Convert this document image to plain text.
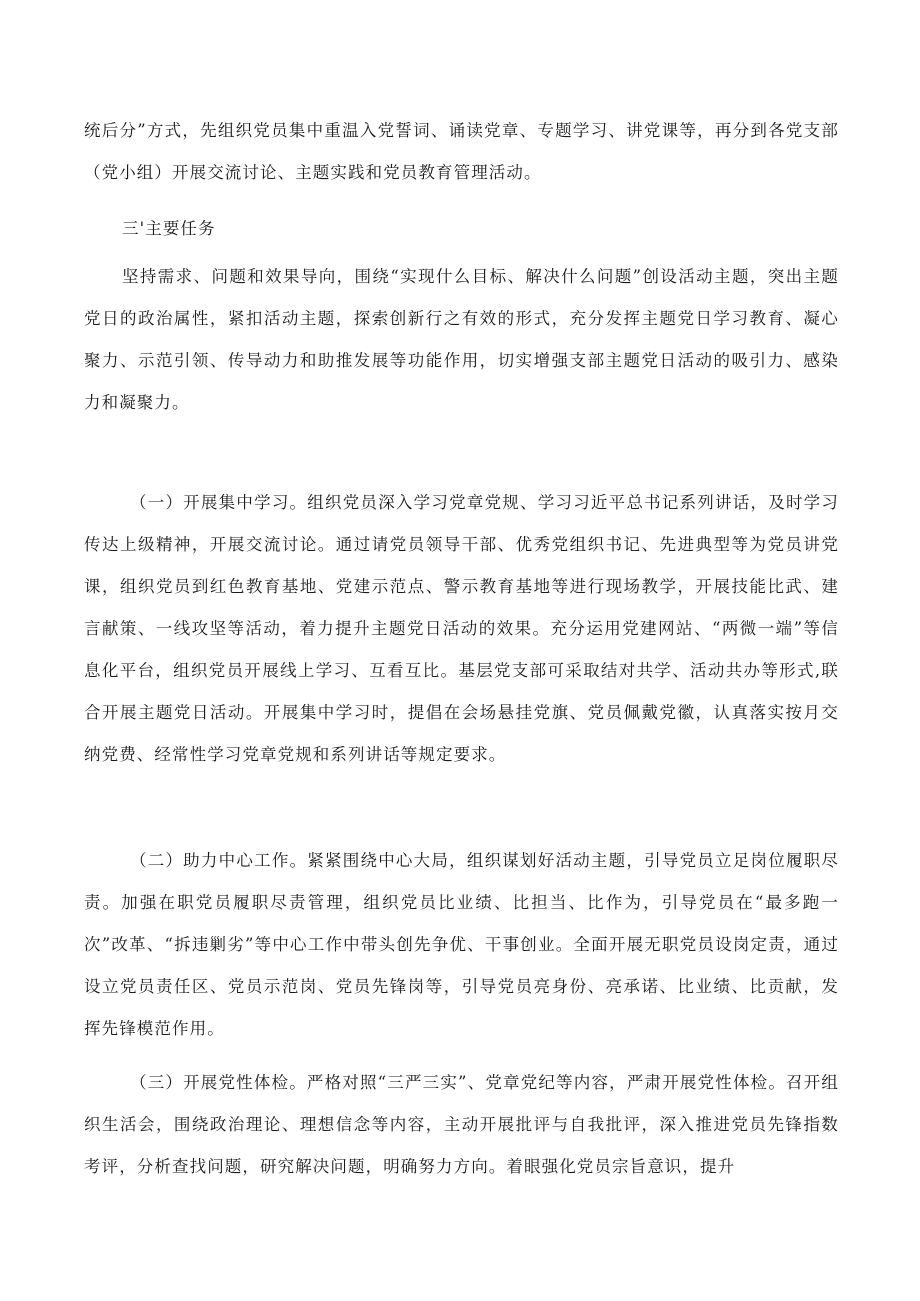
统后分”方式，先组织党员集中重温入党誓词、诵读党章、专题学习、讲党课等，再分到各党支部（党小组）开展交流讨论、主题实践和党员教育管理活动。

三'主要任务

坚持需求、问题和效果导向，围绕“实现什么目标、解决什么问题”创设活动主题，突出主题党日的政治属性，紧扣活动主题，探索创新行之有效的形式，充分发挥主题党日学习教育、凝心聚力、示范引领、传导动力和助推发展等功能作用，切实增强支部主题党日活动的吸引力、感染力和凝聚力。

（一）开展集中学习。组织党员深入学习党章党规、学习习近平总书记系列讲话，及时学习传达上级精神，开展交流讨论。通过请党员领导干部、优秀党组织书记、先进典型等为党员讲党课，组织党员到红色教育基地、党建示范点、警示教育基地等进行现场教学，开展技能比武、建言献策、一线攻坚等活动，着力提升主题党日活动的效果。充分运用党建网站、“两微一端”等信息化平台，组织党员开展线上学习、互看互比。基层党支部可采取结对共学、活动共办等形式,联合开展主题党日活动。开展集中学习时，提倡在会场悬挂党旗、党员佩戴党徽，认真落实按月交纳党费、经常性学习党章党规和系列讲话等规定要求。

（二）助力中心工作。紧紧围绕中心大局，组织谋划好活动主题，引导党员立足岗位履职尽责。加强在职党员履职尽责管理，组织党员比业绩、比担当、比作为，引导党员在“最多跑一次”改革、“拆违剿劣”等中心工作中带头创先争优、干事创业。全面开展无职党员设岗定责，通过设立党员责任区、党员示范岗、党员先锋岗等，引导党员亮身份、亮承诺、比业绩、比贡献，发挥先锋模范作用。

（三）开展党性体检。严格对照“三严三实”、党章党纪等内容，严肃开展党性体检。召开组织生活会，围绕政治理论、理想信念等内容，主动开展批评与自我批评，深入推进党员先锋指数考评，分析查找问题，研究解决问题，明确努力方向。着眼强化党员宗旨意识，提升
